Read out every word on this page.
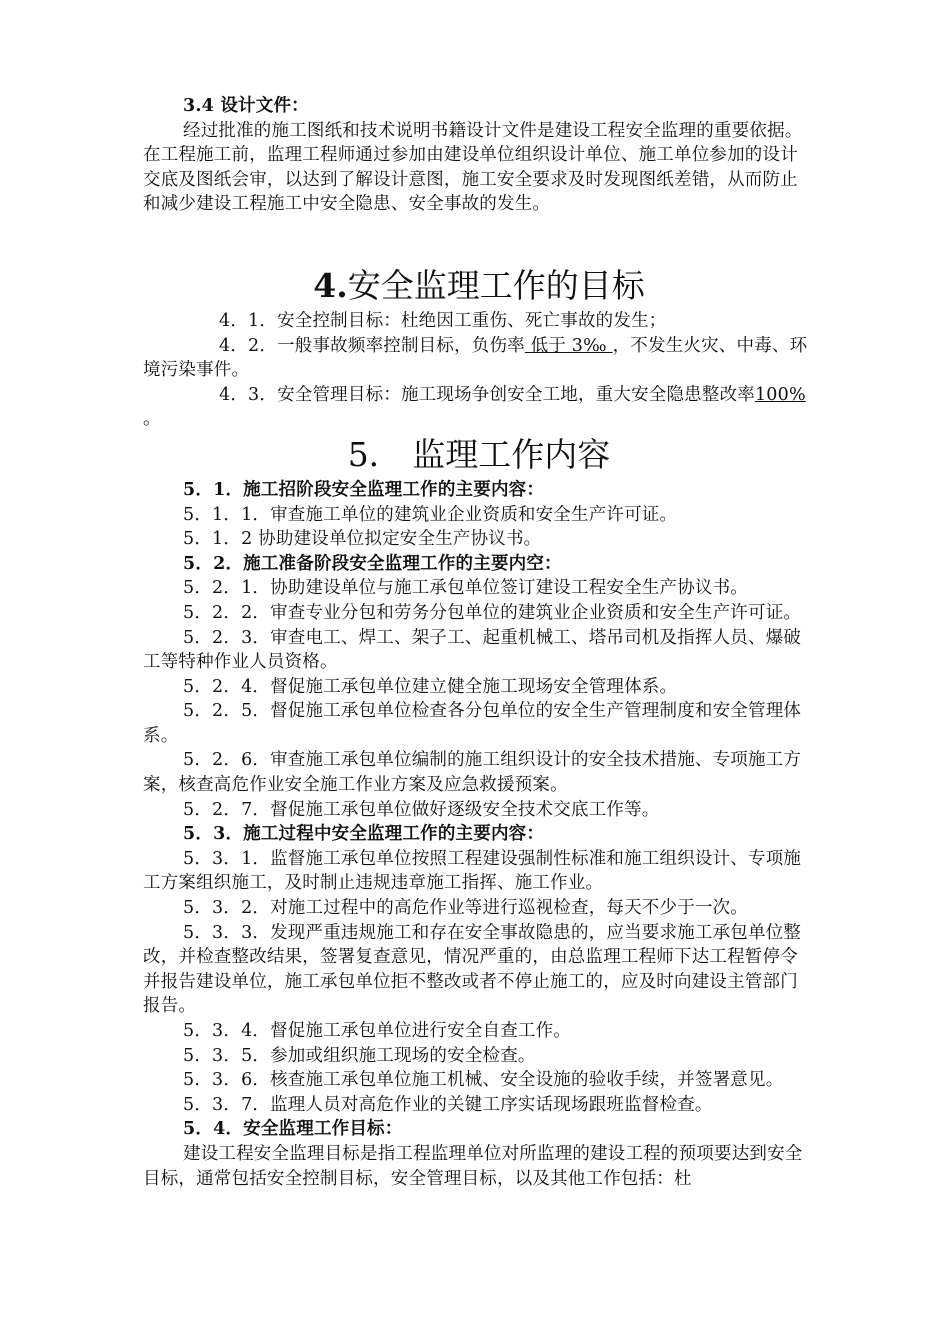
3.4 设计文件：

经过批准的施工图纸和技术说明书籍设计文件是建设工程安全监理的重要依据。在工程施工前，监理工程师通过参加由建设单位组织设计单位、施工单位参加的设计交底及图纸会审，以达到了解设计意图，施工安全要求及时发现图纸差错，从而防止和减少建设工程施工中安全隐患、安全事故的发生。

4.安全监理工作的目标

4．1．安全控制目标：杜绝因工重伤、死亡事故的发生；

4．2．一般事故频率控制目标，负伤率 低于 3‰ ，不发生火灾、中毒、环境污染事件。

4．3．安全管理目标：施工现场争创安全工地，重大安全隐患整改率100% 。

5． 监理工作内容

5．1．施工招阶段安全监理工作的主要内容：

5．1．1．审查施工单位的建筑业企业资质和安全生产许可证。

5．1．2 协助建设单位拟定安全生产协议书。

5．2．施工准备阶段安全监理工作的主要内空：

5．2．1．协助建设单位与施工承包单位签订建设工程安全生产协议书。

5．2．2．审查专业分包和劳务分包单位的建筑业企业资质和安全生产许可证。

5．2．3．审查电工、焊工、架子工、起重机械工、塔吊司机及指挥人员、爆破工等特种作业人员资格。

5．2．4．督促施工承包单位建立健全施工现场安全管理体系。

5．2．5．督促施工承包单位检查各分包单位的安全生产管理制度和安全管理体系。

5．2．6．审查施工承包单位编制的施工组织设计的安全技术措施、专项施工方案，核查高危作业安全施工作业方案及应急救援预案。

5．2．7．督促施工承包单位做好逐级安全技术交底工作等。

5．3．施工过程中安全监理工作的主要内容：

5．3．1．监督施工承包单位按照工程建设强制性标准和施工组织设计、专项施工方案组织施工，及时制止违规违章施工指挥、施工作业。

5．3．2．对施工过程中的高危作业等进行巡视检查，每天不少于一次。

5．3．3．发现严重违规施工和存在安全事故隐患的，应当要求施工承包单位整改，并检查整改结果，签署复查意见，情况严重的，由总监理工程师下达工程暂停令并报告建设单位，施工承包单位拒不整改或者不停止施工的，应及时向建设主管部门报告。

5．3．4．督促施工承包单位进行安全自查工作。

5．3．5．参加或组织施工现场的安全检查。

5．3．6．核查施工承包单位施工机械、安全设施的验收手续，并签署意见。

5．3．7．监理人员对高危作业的关键工序实话现场跟班监督检查。

5．4．安全监理工作目标：

建设工程安全监理目标是指工程监理单位对所监理的建设工程的预项要达到安全目标，通常包括安全控制目标，安全管理目标，以及其他工作包括：杜
